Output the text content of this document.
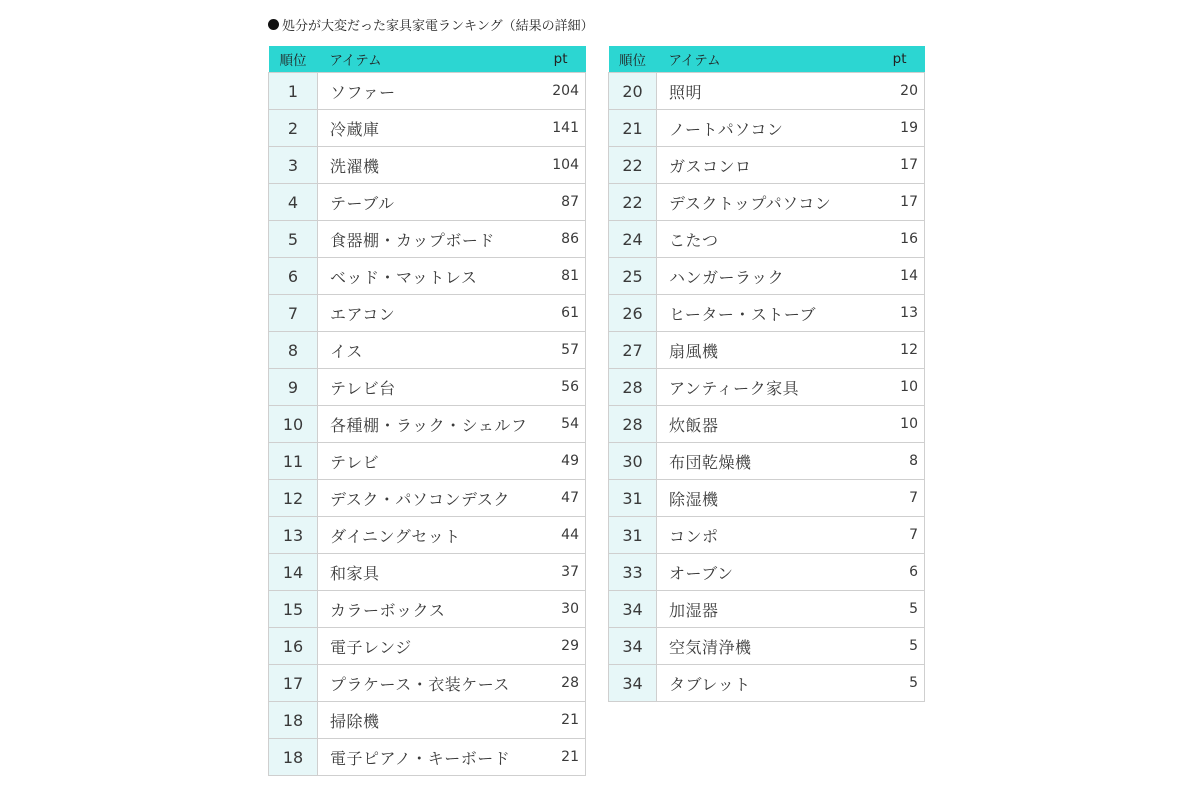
処分が大変だった家具家電ランキング（結果の詳細）
順位	アイテム	pt
1	ソファー	204
2	冷蔵庫	141
3	洗濯機	104
4	テーブル	87
5	食器棚・カップボード	86
6	ベッド・マットレス	81
7	エアコン	61
8	イス	57
9	テレビ台	56
10	各種棚・ラック・シェルフ	54
11	テレビ	49
12	デスク・パソコンデスク	47
13	ダイニングセット	44
14	和家具	37
15	カラーボックス	30
16	電子レンジ	29
17	プラケース・衣装ケース	28
18	掃除機	21
18	電子ピアノ・キーボード	21
順位	アイテム	pt
20	照明	20
21	ノートパソコン	19
22	ガスコンロ	17
22	デスクトップパソコン	17
24	こたつ	16
25	ハンガーラック	14
26	ヒーター・ストーブ	13
27	扇風機	12
28	アンティーク家具	10
28	炊飯器	10
30	布団乾燥機	8
31	除湿機	7
31	コンポ	7
33	オーブン	6
34	加湿器	5
34	空気清浄機	5
34	タブレット	5
